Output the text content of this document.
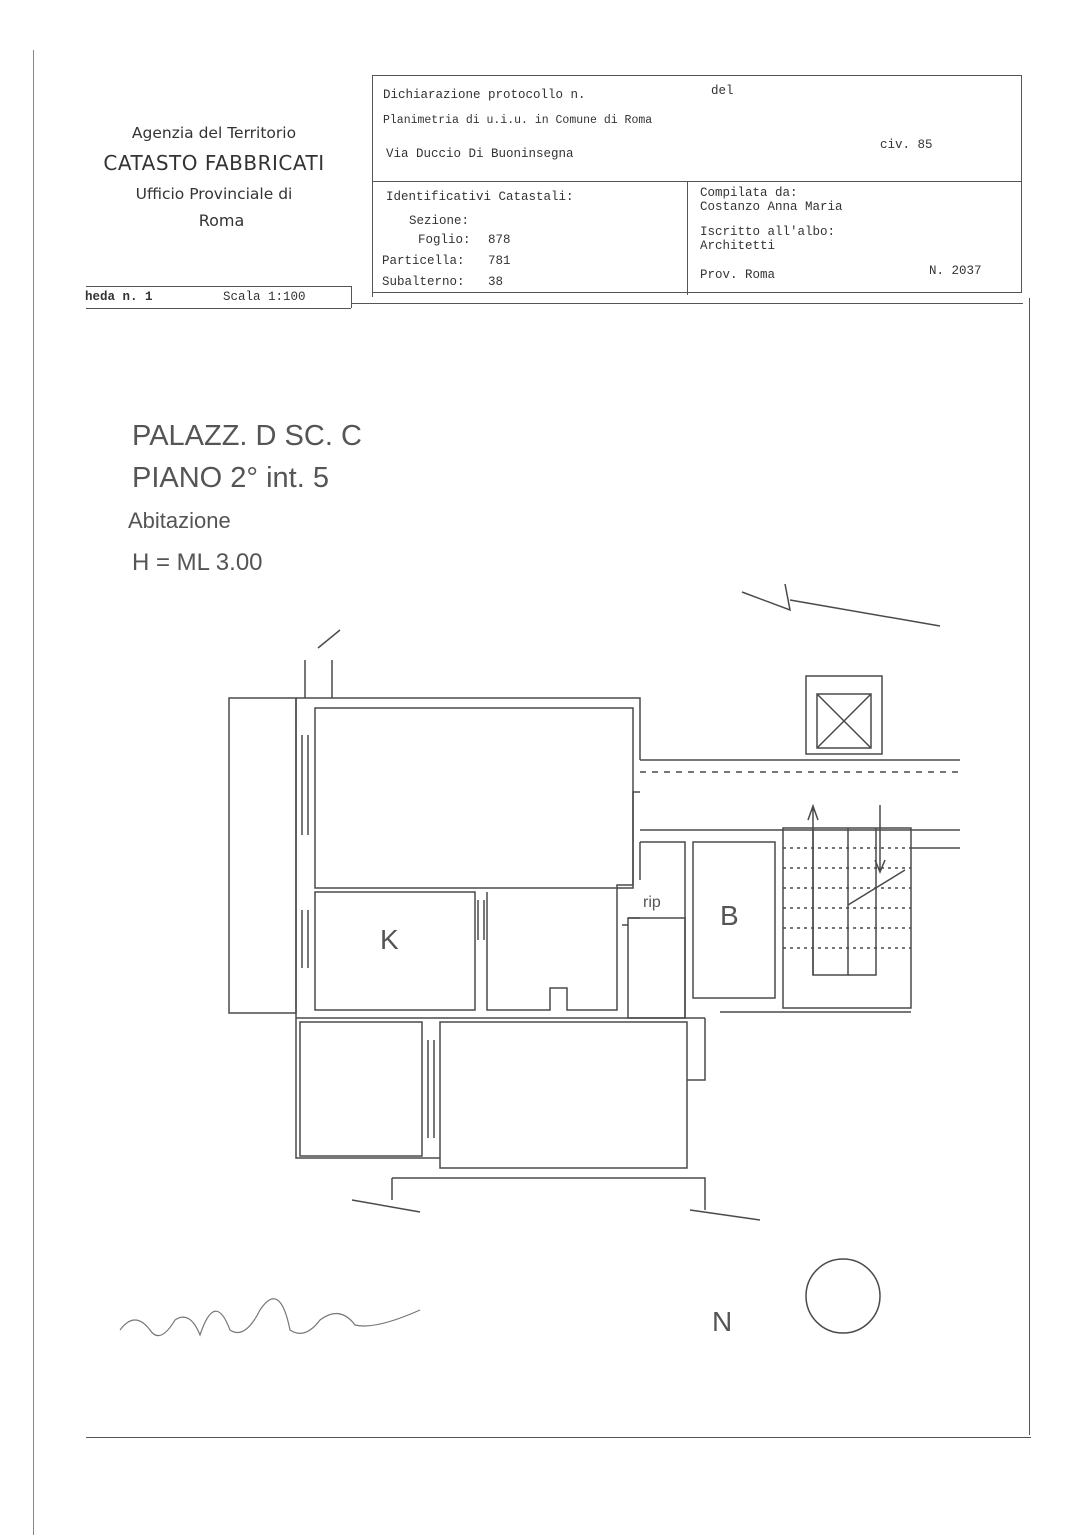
Agenzia del Territorio
CATASTO FABBRICATI
Ufficio Provinciale di
Roma
Dichiarazione protocollo n.	del
Planimetria di u.i.u. in Comune di Roma
Via Duccio Di Buoninsegna
civ. 85
Identificativi Catastali:
Sezione:
Foglio: 878
Particella: 781
Subalterno: 38
Compilata da:
Costanzo Anna Maria
Iscritto all'albo:
Architetti
Prov. Roma	N. 2037
heda n. 1	Scala 1:100
PALAZZ. D SC. C
PIANO 2° int. 5
Abitazione
H = ML 3.00
K
rip B
N
